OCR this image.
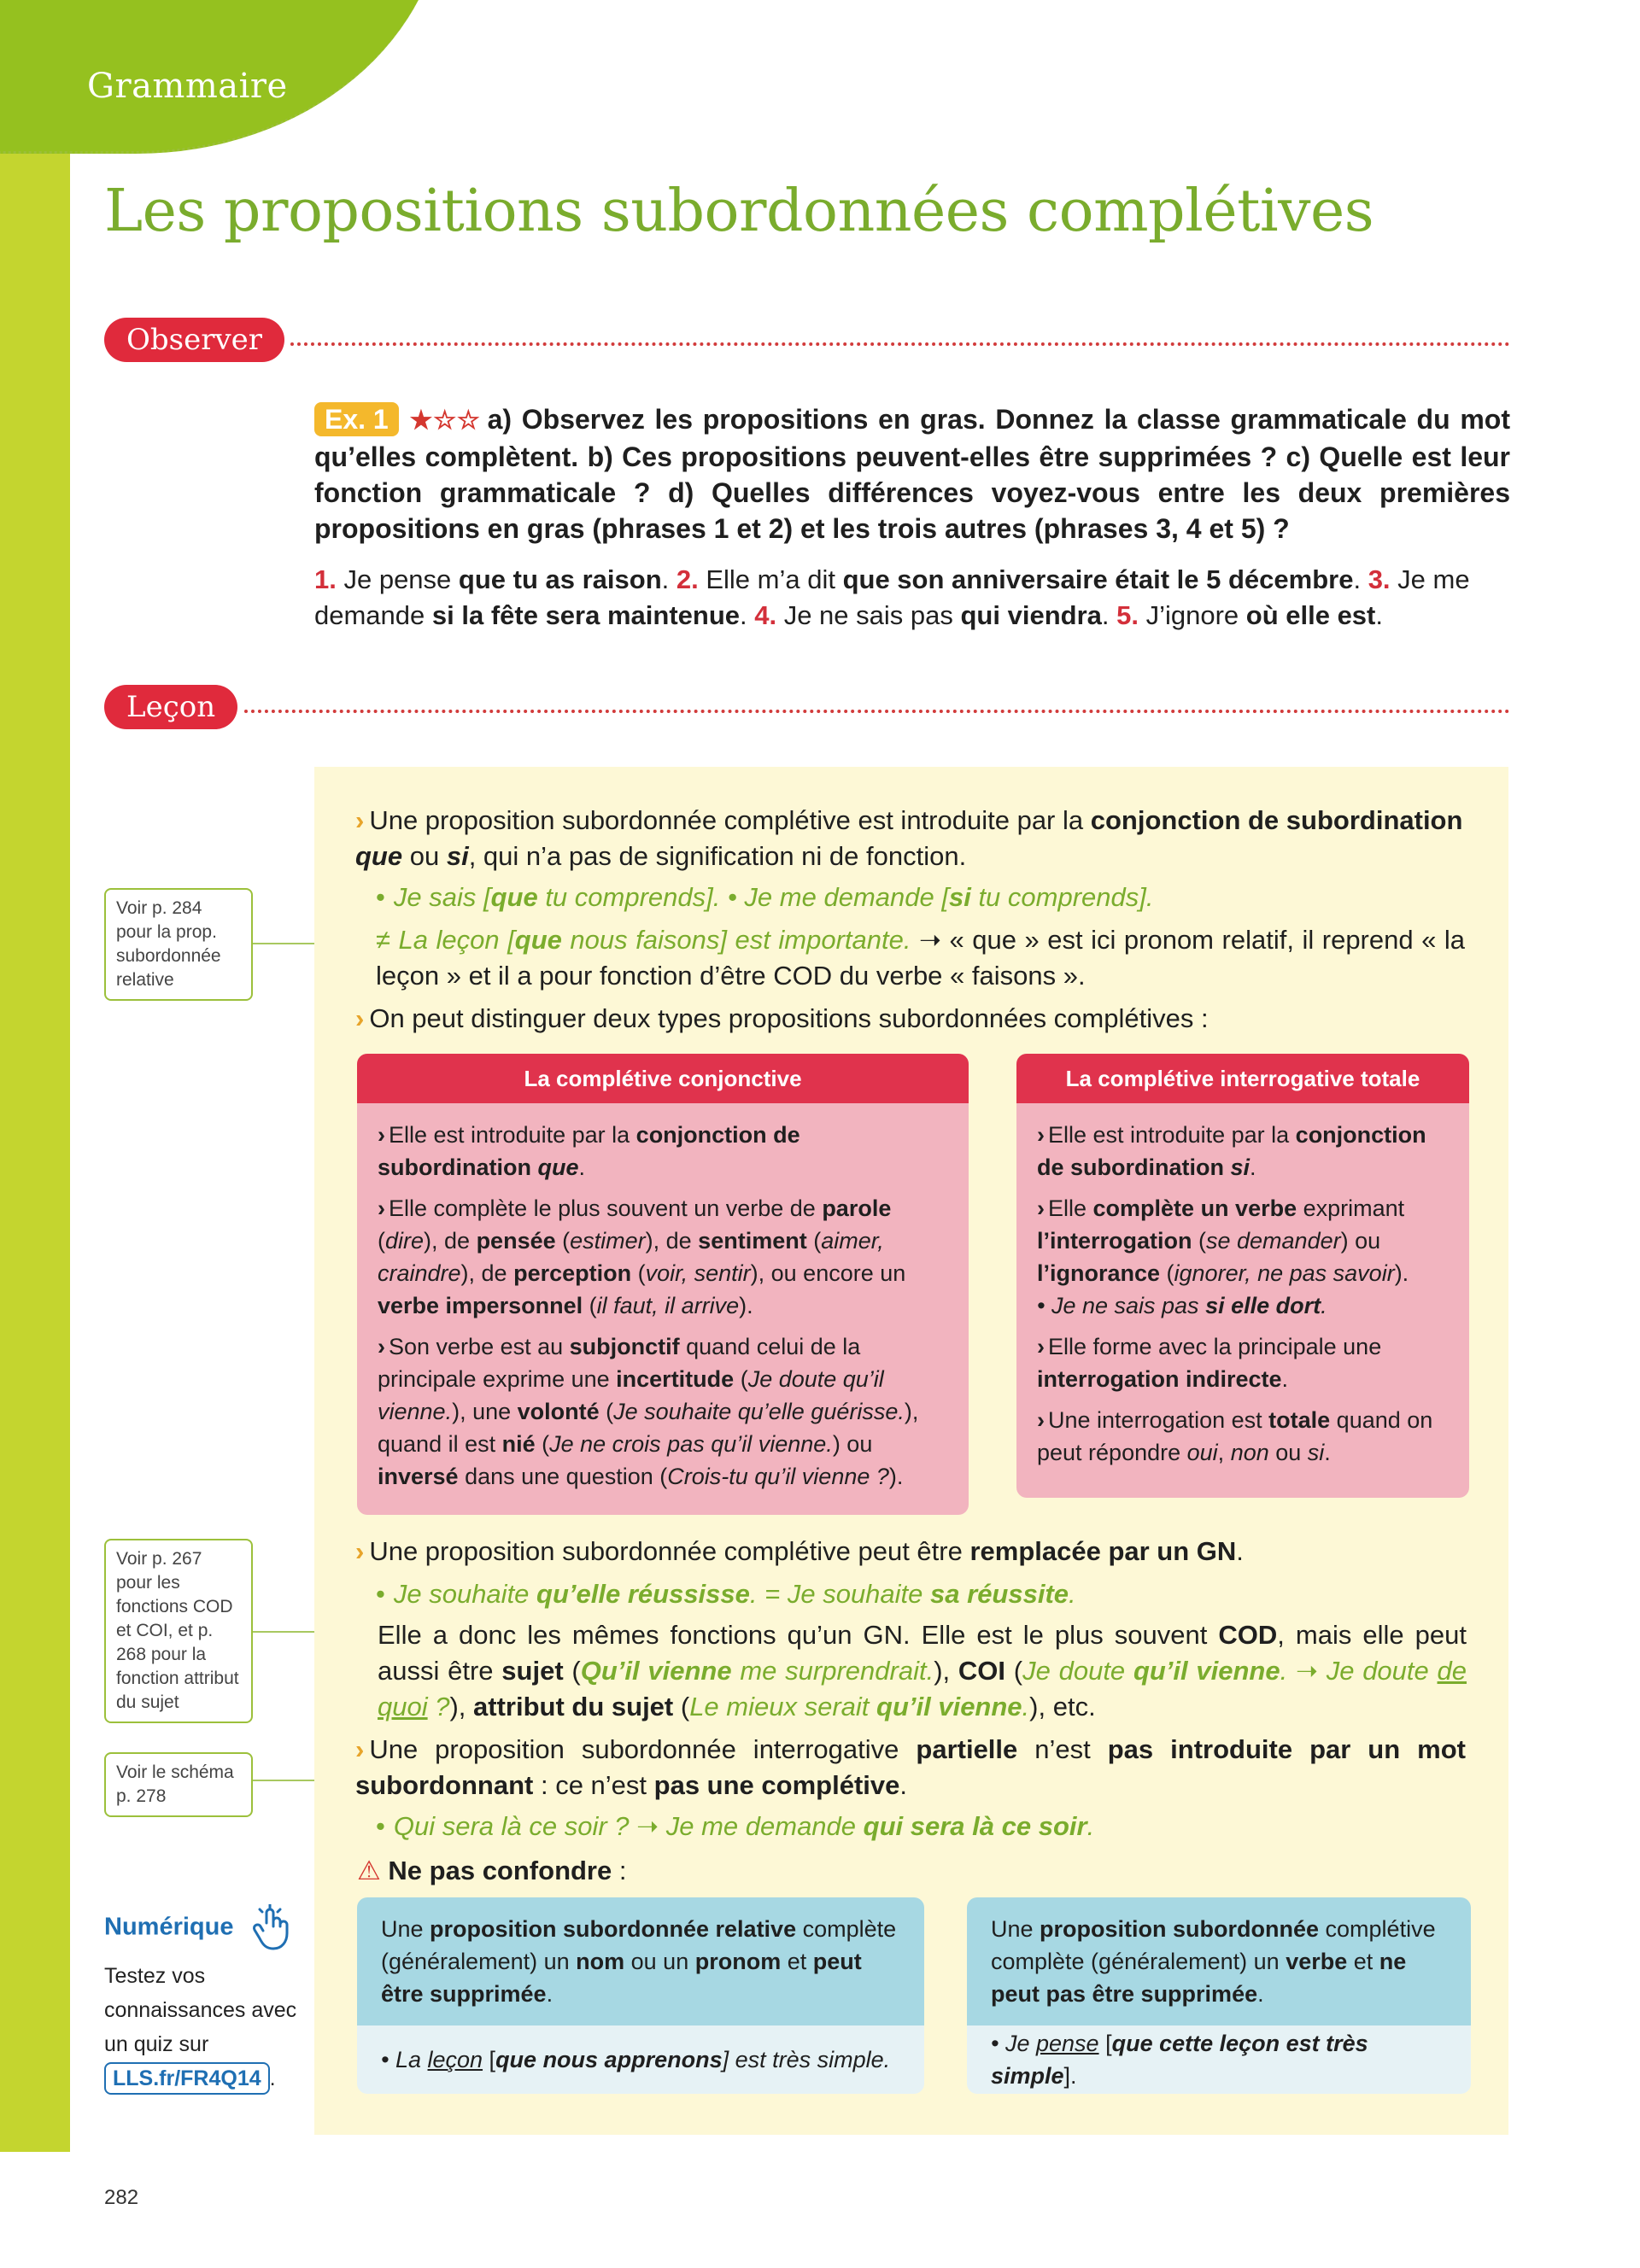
Grammaire
Les propositions subordonnées complétives
Observer
Ex. 1 ★☆☆ a) Observez les propositions en gras. Donnez la classe grammaticale du mot qu’elles complètent. b) Ces propositions peuvent-elles être supprimées ? c) Quelle est leur fonction grammaticale ? d) Quelles différences voyez-vous entre les deux premières propositions en gras (phrases 1 et 2) et les trois autres (phrases 3, 4 et 5) ?
1. Je pense que tu as raison. 2. Elle m’a dit que son anniversaire était le 5 décembre. 3. Je me demande si la fête sera maintenue. 4. Je ne sais pas qui viendra. 5. J’ignore où elle est.
Leçon
Voir p. 284 pour la prop. subordonnée relative
Voir p. 267 pour les fonctions COD et COI, et p. 268 pour la fonction attribut du sujet
Voir le schéma p. 278
› Une proposition subordonnée complétive est introduite par la conjonction de subordination
que ou si, qui n’a pas de signification ni de fonction.
• Je sais [que tu comprends]. • Je me demande [si tu comprends].
≠ La leçon [que nous faisons] est importante. ➝ « que » est ici pronom relatif, il reprend « la leçon » et il a pour fonction d’être COD du verbe « faisons ».
› On peut distinguer deux types propositions subordonnées complétives :
La complétive conjonctive

› Elle est introduite par la conjonction de subordination que.

› Elle complète le plus souvent un verbe de parole (dire), de pensée (estimer), de sentiment (aimer, craindre), de perception (voir, sentir), ou encore un verbe impersonnel (il faut, il arrive).

› Son verbe est au subjonctif quand celui de la principale exprime une incertitude (Je doute qu’il vienne.), une volonté (Je souhaite qu’elle guérisse.), quand il est nié (Je ne crois pas qu’il vienne.) ou inversé dans une question (Crois-tu qu’il vienne ?).

La complétive interrogative totale

› Elle est introduite par la conjonction de subordination si.

› Elle complète un verbe exprimant l’interrogation (se demander) ou l’ignorance (ignorer, ne pas savoir).
• Je ne sais pas si elle dort.

› Elle forme avec la principale une interrogation indirecte.

› Une interrogation est totale quand on peut répondre oui, non ou si.

› Une proposition subordonnée complétive peut être remplacée par un GN.
• Je souhaite qu’elle réussisse. = Je souhaite sa réussite.
Elle a donc les mêmes fonctions qu’un GN. Elle est le plus souvent COD, mais elle peut aussi être sujet (Qu’il vienne me surprendrait.), COI (Je doute qu’il vienne. ➝ Je doute de quoi ?), attribut du sujet (Le mieux serait qu’il vienne.), etc.
› Une proposition subordonnée interrogative partielle n’est pas introduite par un mot subordonnant : ce n’est pas une complétive.
• Qui sera là ce soir ? ➝ Je me demande qui sera là ce soir.
⚠ Ne pas confondre :
Une proposition subordonnée relative complète (généralement) un nom ou un pronom et peut être supprimée.
• La leçon [que nous apprenons] est très simple.
Une proposition subordonnée complétive complète (généralement) un verbe et ne peut pas être supprimée.
• Je pense [que cette leçon est très simple].
Numérique
Testez vos connaissances avec un quiz sur
LLS.fr/FR4Q14 .
282
